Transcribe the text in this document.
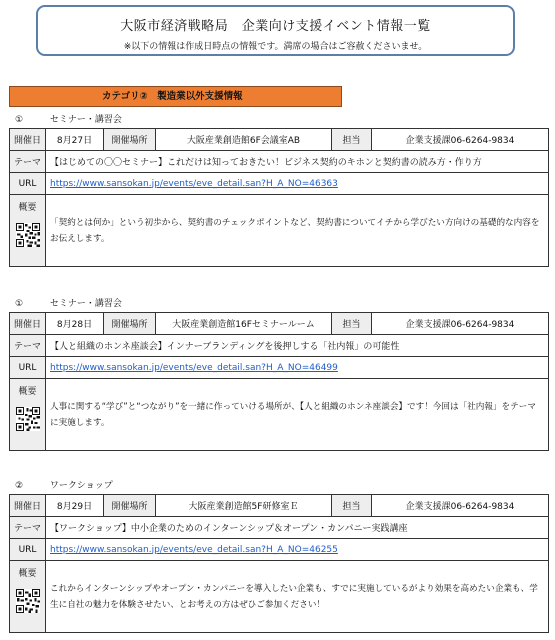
大阪市経済戦略局　企業向け支援イベント情報一覧
※以下の情報は作成日時点の情報です。満席の場合はご容赦くださいませ。
カテゴリ②　製造業以外支援情報
①	セミナー・講習会
開催日	8月27日	開催場所	大阪産業創造館6F会議室AB	担当	企業支援課06-6264-9834
テーマ	【はじめての〇〇セミナー】これだけは知っておきたい！ビジネス契約のキホンと契約書の読み方・作り方				
URL	https://www.sansokan.jp/events/eve_detail.san?H_A_NO=46363				

概要	「契約とは何か」という初歩から、契約書のチェックポイントなど、契約書についてイチから学びたい方向けの基礎的な内容をお伝えします。				
①	セミナー・講習会
開催日	8月28日	開催場所	大阪産業創造館16Fセミナールーム	担当	企業支援課06-6264-9834
テーマ	【人と組織のホンネ座談会】インナーブランディングを後押しする「社内報」の可能性				
URL	https://www.sansokan.jp/events/eve_detail.san?H_A_NO=46499				

概要	人事に関する“学び”と“つながり”を一緒に作っていける場所が、【人と組織のホンネ座談会】です！今回は「社内報」をテーマに実施します。				
②	ワークショップ
開催日	8月29日	開催場所	大阪産業創造館5F研修室Ｅ	担当	企業支援課06-6264-9834
テーマ	【ワークショップ】中小企業のためのインターンシップ＆オープン・カンパニー実践講座				
URL	https://www.sansokan.jp/events/eve_detail.san?H_A_NO=46255				

概要	これからインターンシップやオープン・カンパニーを導入したい企業も、すでに実施しているがより効果を高めたい企業も、学生に自社の魅力を体験させたい、とお考えの方はぜひご参加ください！				
